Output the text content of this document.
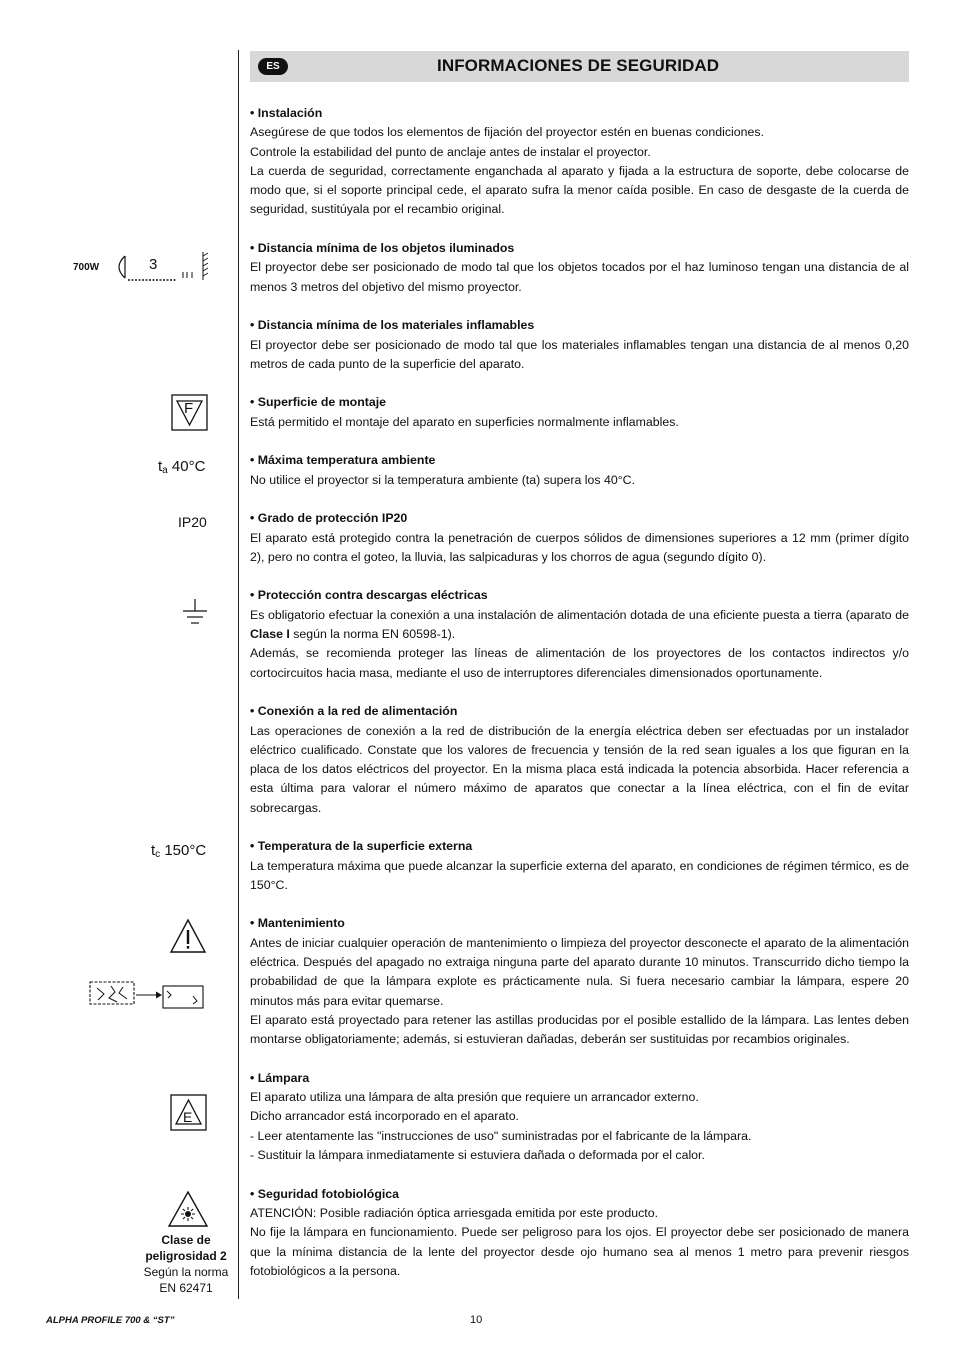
ES	INFORMACIONES DE SEGURIDAD
• Instalación

Asegúrese de que todos los elementos de fijación del proyector estén en buenas condiciones.

Controle la estabilidad del punto de anclaje antes de instalar el proyector.

La cuerda de seguridad, correctamente enganchada al aparato y fijada a la estructura de soporte, debe colocarse de modo que, si el soporte principal cede, el aparato sufra la menor caída posible. En caso de desgaste de la cuerda de seguridad, sustitúyala por el recambio original.

• Distancia mínima de los objetos iluminados

El proyector debe ser posicionado de modo tal que los objetos tocados por el haz luminoso tengan una distancia de al menos 3 metros del objetivo del mismo proyector.

• Distancia mínima de los materiales inflamables

El proyector debe ser posicionado de modo tal que los materiales inflamables tengan una distancia de al menos 0,20 metros de cada punto de la superficie del aparato.

• Superficie de montaje

Está permitido el montaje del aparato en superficies normalmente inflamables.

• Máxima temperatura ambiente

No utilice el proyector si la temperatura ambiente (ta) supera los 40°C.

• Grado de protección IP20

El aparato está protegido contra la penetración de cuerpos sólidos de dimensiones superiores a 12 mm (primer dígito 2), pero no contra el goteo, la lluvia, las salpicaduras y los chorros de agua (segundo dígito 0).

• Protección contra descargas eléctricas

Es obligatorio efectuar la conexión a una instalación de alimentación dotada de una eficiente puesta a tierra (aparato de Clase I según la norma EN 60598-1).

Además, se recomienda proteger las líneas de alimentación de los proyectores de los contactos indirectos y/o cortocircuitos hacia masa, mediante el uso de interruptores diferenciales dimensionados oportunamente.

• Conexión a la red de alimentación

Las operaciones de conexión a la red de distribución de la energía eléctrica deben ser efectuadas por un instalador eléctrico cualificado. Constate que los valores de frecuencia y tensión de la red sean iguales a los que figuran en la placa de los datos eléctricos del proyector. En la misma placa está indicada la potencia absorbida. Hacer referencia a esta última para valorar el número máximo de aparatos que conectar a la línea eléctrica, con el fin de evitar sobrecargas.

• Temperatura de la superficie externa

La temperatura máxima que puede alcanzar la superficie externa del aparato, en condiciones de régimen térmico, es de 150°C.

• Mantenimiento

Antes de iniciar cualquier operación de mantenimiento o limpieza del proyector desconecte el aparato de la alimentación eléctrica. Después del apagado no extraiga ninguna parte del aparato durante 10 minutos. Transcurrido dicho tiempo la probabilidad de que la lámpara explote es prácticamente nula. Si fuera necesario cambiar la lámpara, espere 20 minutos más para evitar quemarse.

El aparato está proyectado para retener las astillas producidas por el posible estallido de la lámpara. Las lentes deben montarse obligatoriamente; además, si estuvieran dañadas, deberán ser sustituidas por recambios originales.

• Lámpara

El aparato utiliza una lámpara de alta presión que requiere un arrancador externo.

Dicho arrancador está incorporado en el aparato.

- Leer atentamente las "instrucciones de uso" suministradas por el fabricante de la lámpara.

- Sustituir la lámpara inmediatamente si estuviera dañada o deformada por el calor.

• Seguridad fotobiológica

ATENCIÓN: Posible radiación óptica arriesgada emitida por este producto.

No fije la lámpara en funcionamiento. Puede ser peligroso para los ojos. El proyector debe ser posicionado de manera que la mínima distancia de la lente del proyector desde ojo humano sea al menos 1 metro para prevenir riesgos fotobiológicos a la persona.

700W	3
F
$t_a$ 40°C
IP20
$t_c$ 150°C
E
Clase de
peligrosidad 2
Según la norma
EN 62471
ALPHA PROFILE 700 & “ST”	10
